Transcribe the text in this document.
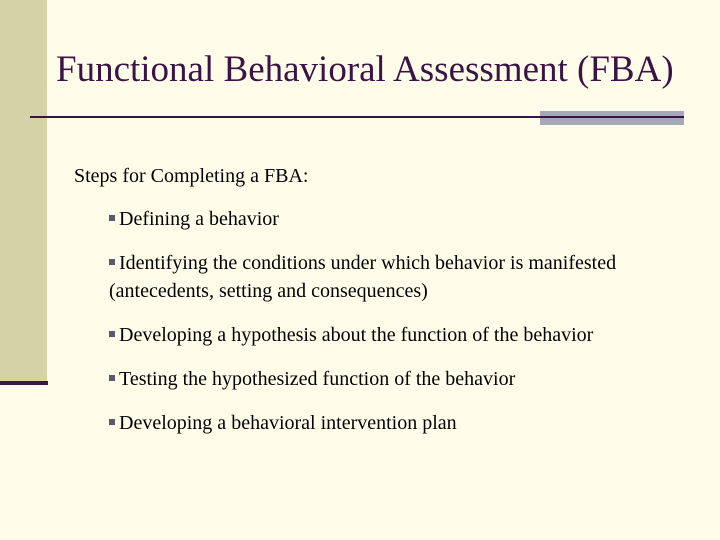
Functional Behavioral Assessment (FBA)

Steps for Completing a FBA:

Defining a behavior
Identifying the conditions under which behavior is manifested (antecedents, setting and consequences)
Developing a hypothesis about the function of the behavior
Testing the hypothesized function of the behavior
Developing a behavioral intervention plan
